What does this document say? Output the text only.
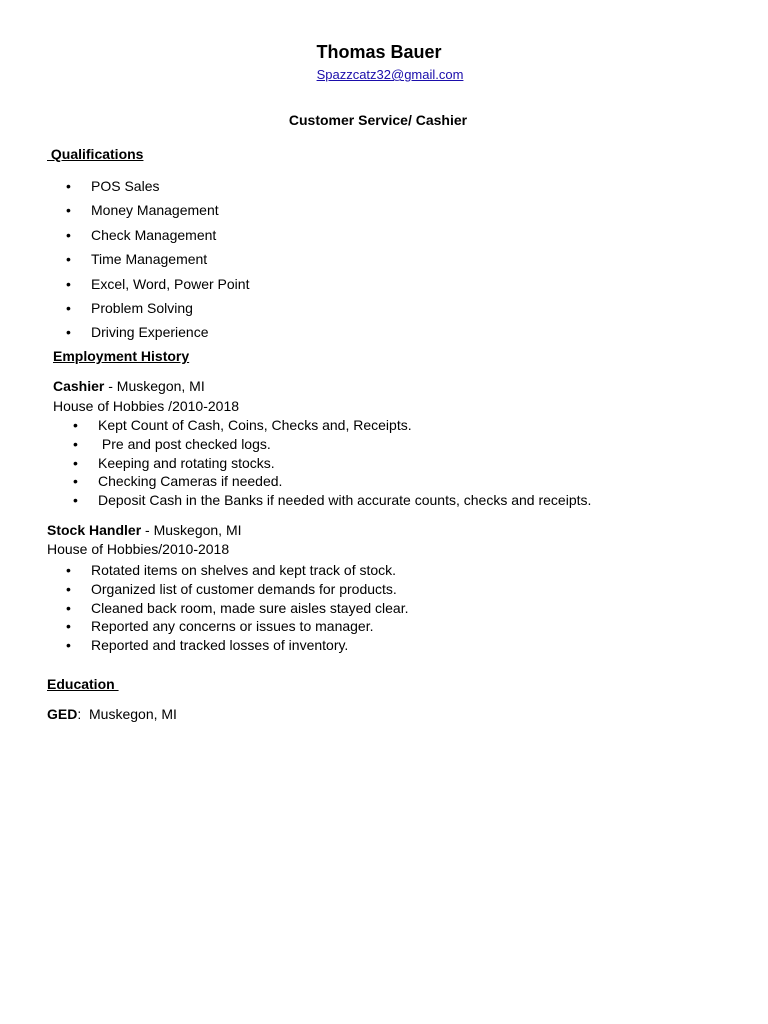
Thomas Bauer
Spazzcatz32@gmail.com
Customer Service/ Cashier
Qualifications
• POS Sales
• Money Management
• Check Management
• Time Management
• Excel, Word, Power Point
• Problem Solving
• Driving Experience
Employment History
Cashier - Muskegon, MI
House of Hobbies /2010-2018
• Kept Count of Cash, Coins, Checks and, Receipts.
• Pre and post checked logs.
• Keeping and rotating stocks.
• Checking Cameras if needed.
• Deposit Cash in the Banks if needed with accurate counts, checks and receipts.
Stock Handler - Muskegon, MI
House of Hobbies/2010-2018
• Rotated items on shelves and kept track of stock.
• Organized list of customer demands for products.
• Cleaned back room, made sure aisles stayed clear.
• Reported any concerns or issues to manager.
• Reported and tracked losses of inventory.
Education
GED:  Muskegon, MI
